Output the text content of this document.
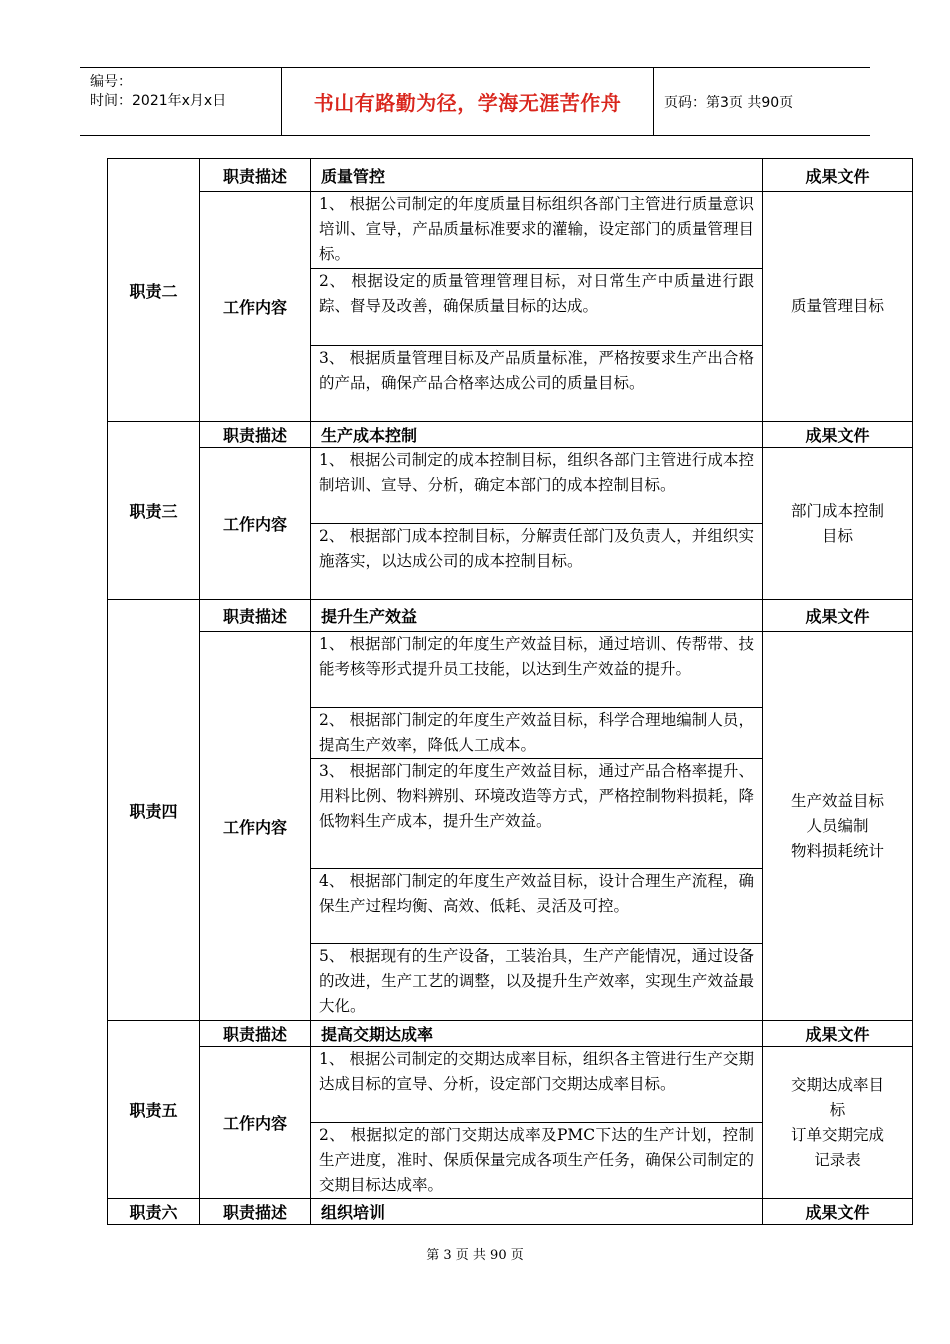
编号：
时间：2021年x月x日	书山有路勤为径，学海无涯苦作舟	页码：第3页 共90页
职责二	职责描述	质量管控	成果文件
	工作内容	1、 根据公司制定的年度质量目标组织各部门主管进行质量意识培训、宣导，产品质量标准要求的灌输，设定部门的质量管理目标。	质量管理目标

		2、 根据设定的质量管理管理目标，对日常生产中质量进行跟踪、督导及改善，确保质量目标的达成。	
		3、 根据质量管理目标及产品质量标准，严格按要求生产出合格的产品，确保产品合格率达成公司的质量目标。	
职责三	职责描述	生产成本控制	成果文件
	工作内容	1、 根据公司制定的成本控制目标，组织各部门主管进行成本控制培训、宣导、分析，确定本部门的成本控制目标。	部门成本控制
目标

		2、 根据部门成本控制目标，分解责任部门及负责人，并组织实施落实，以达成公司的成本控制目标。	
职责四	职责描述	提升生产效益	成果文件
	工作内容	1、 根据部门制定的年度生产效益目标，通过培训、传帮带、技能考核等形式提升员工技能，以达到生产效益的提升。	生产效益目标
人员编制
物料损耗统计

		2、 根据部门制定的年度生产效益目标，科学合理地编制人员，提高生产效率，降低人工成本。	
		3、 根据部门制定的年度生产效益目标，通过产品合格率提升、用料比例、物料辨别、环境改造等方式，严格控制物料损耗，降低物料生产成本，提升生产效益。	
		4、 根据部门制定的年度生产效益目标，设计合理生产流程，确保生产过程均衡、高效、低耗、灵活及可控。	
		5、 根据现有的生产设备，工装治具，生产产能情况，通过设备的改进，生产工艺的调整，以及提升生产效率，实现生产效益最大化。	
职责五	职责描述	提高交期达成率	成果文件
	工作内容	1、 根据公司制定的交期达成率目标，组织各主管进行生产交期达成目标的宣导、分析，设定部门交期达成率目标。	交期达成率目
标
订单交期完成
记录表

		2、 根据拟定的部门交期达成率及PMC下达的生产计划，控制生产进度，准时、保质保量完成各项生产任务，确保公司制定的交期目标达成率。	
职责六	职责描述	组织培训	成果文件
第 3 页 共 90 页
